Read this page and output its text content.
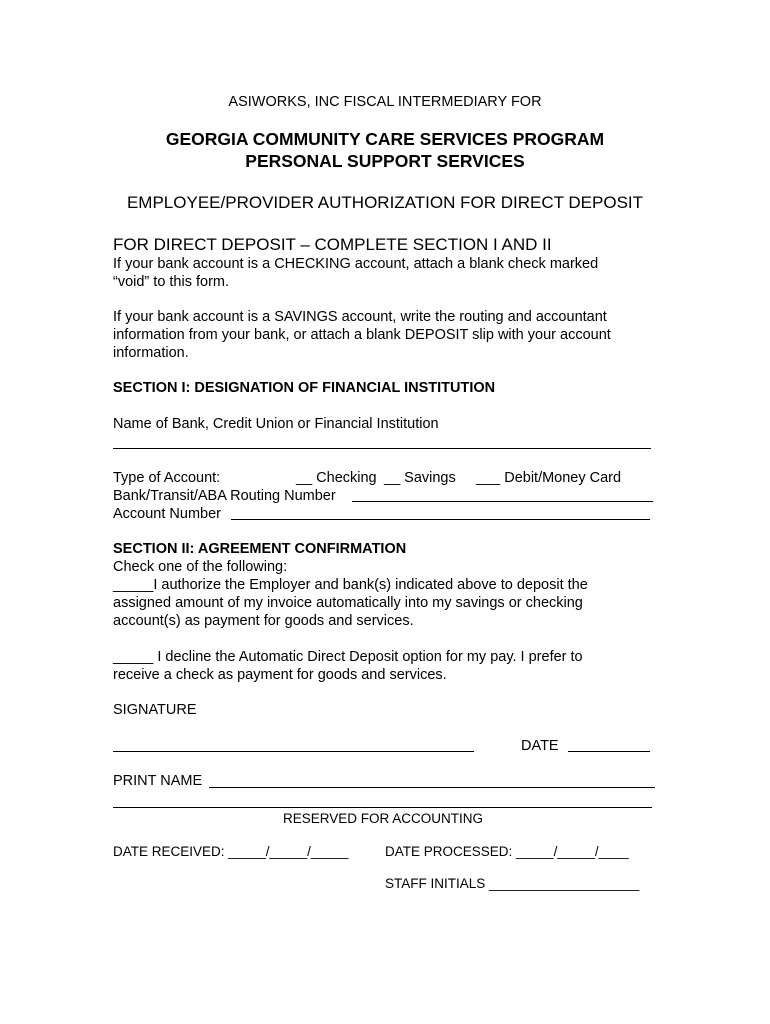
ASIWORKS, INC FISCAL INTERMEDIARY FOR
GEORGIA COMMUNITY CARE SERVICES PROGRAM
PERSONAL SUPPORT SERVICES
EMPLOYEE/PROVIDER AUTHORIZATION FOR DIRECT DEPOSIT
FOR DIRECT DEPOSIT – COMPLETE SECTION I AND II
If your bank account is a CHECKING account, attach a blank check marked
“void” to this form.
If your bank account is a SAVINGS account, write the routing and accountant
information from your bank, or attach a blank DEPOSIT slip with your account
information.
SECTION I: DESIGNATION OF FINANCIAL INSTITUTION
Name of Bank, Credit Union or Financial Institution
Type of Account:	__ Checking __ Savings ___ Debit/Money Card
Bank/Transit/ABA Routing Number
Account Number
SECTION II: AGREEMENT CONFIRMATION
Check one of the following:
_____I authorize the Employer and bank(s) indicated above to deposit the
assigned amount of my invoice automatically into my savings or checking
account(s) as payment for goods and services.
_____ I decline the Automatic Direct Deposit option for my pay. I prefer to
receive a check as payment for goods and services.
SIGNATURE
DATE
PRINT NAME
RESERVED FOR ACCOUNTING
DATE RECEIVED: _____/_____/_____	DATE PROCESSED: _____/_____/____
STAFF INITIALS ____________________
